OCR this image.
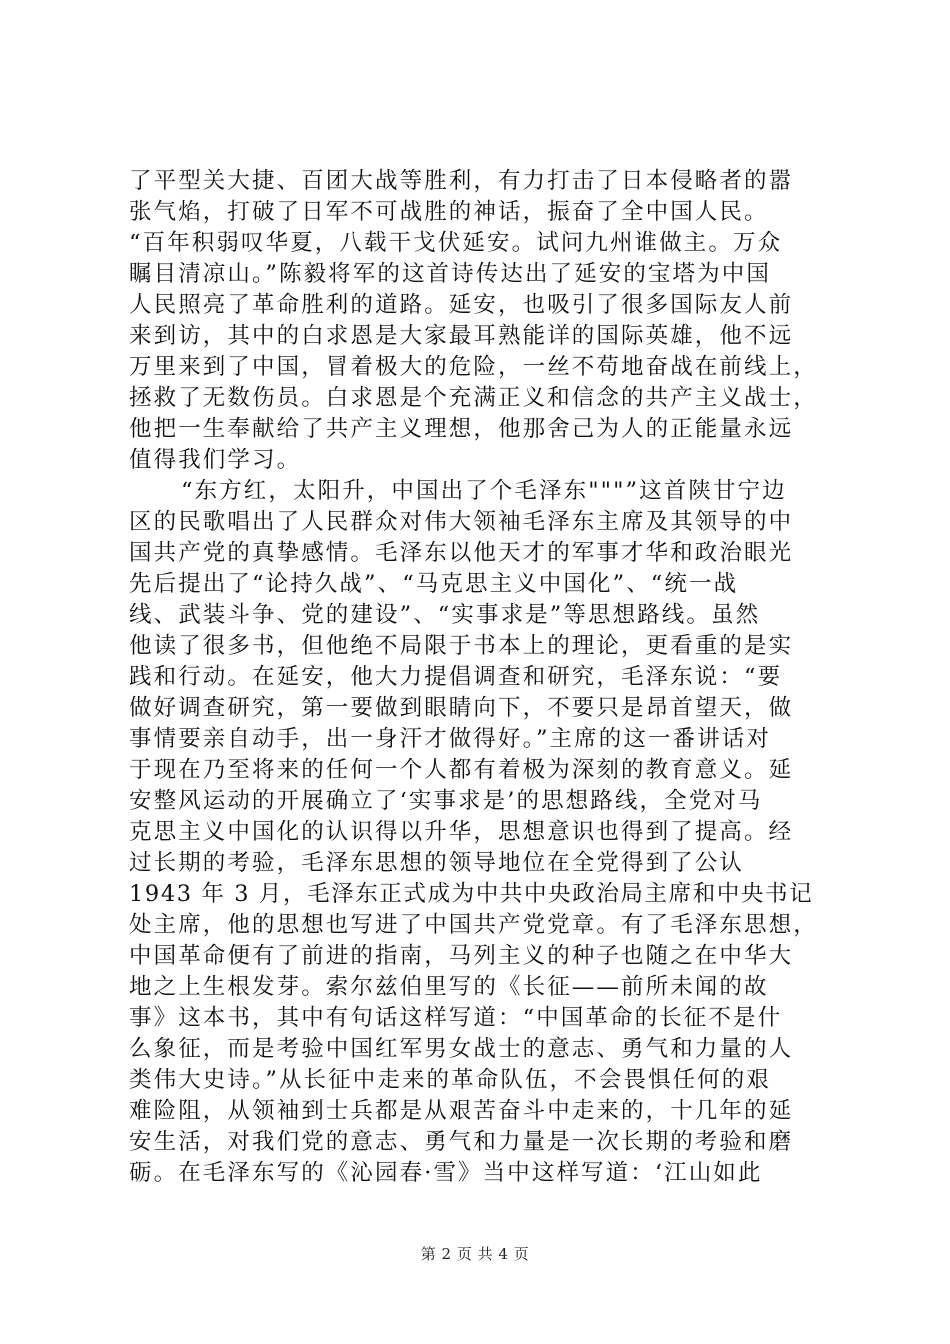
了平型关大捷、百团大战等胜利，有力打击了日本侵略者的嚣
张气焰，打破了日军不可战胜的神话，振奋了全中国人民。
“百年积弱叹华夏，八载干戈伏延安。试问九州谁做主。万众
瞩目清凉山。”陈毅将军的这首诗传达出了延安的宝塔为中国
人民照亮了革命胜利的道路。延安，也吸引了很多国际友人前
来到访，其中的白求恩是大家最耳熟能详的国际英雄，他不远
万里来到了中国，冒着极大的危险，一丝不苟地奋战在前线上，
拯救了无数伤员。白求恩是个充满正义和信念的共产主义战士，
他把一生奉献给了共产主义理想，他那舍己为人的正能量永远
值得我们学习。
“东方红，太阳升，中国出了个毛泽东"""”这首陕甘宁边
区的民歌唱出了人民群众对伟大领袖毛泽东主席及其领导的中
国共产党的真挚感情。毛泽东以他天才的军事才华和政治眼光
先后提出了“论持久战”、“马克思主义中国化”、“统一战
线、武装斗争、党的建设”、“实事求是”等思想路线。虽然
他读了很多书，但他绝不局限于书本上的理论，更看重的是实
践和行动。在延安，他大力提倡调查和研究，毛泽东说：“要
做好调查研究，第一要做到眼睛向下，不要只是昂首望天，做
事情要亲自动手，出一身汗才做得好。”主席的这一番讲话对
于现在乃至将来的任何一个人都有着极为深刻的教育意义。延
安整风运动的开展确立了‘实事求是’的思想路线，全党对马
克思主义中国化的认识得以升华，思想意识也得到了提高。经
过长期的考验，毛泽东思想的领导地位在全党得到了公认
1943 年 3 月，毛泽东正式成为中共中央政治局主席和中央书记
处主席，他的思想也写进了中国共产党党章。有了毛泽东思想，
中国革命便有了前进的指南，马列主义的种子也随之在中华大
地之上生根发芽。索尔兹伯里写的《长征——前所未闻的故
事》这本书，其中有句话这样写道：“中国革命的长征不是什
么象征，而是考验中国红军男女战士的意志、勇气和力量的人
类伟大史诗。”从长征中走来的革命队伍，不会畏惧任何的艰
难险阻，从领袖到士兵都是从艰苦奋斗中走来的，十几年的延
安生活，对我们党的意志、勇气和力量是一次长期的考验和磨
砺。在毛泽东写的《沁园春·雪》当中这样写道：‘江山如此
第 2 页 共 4 页
